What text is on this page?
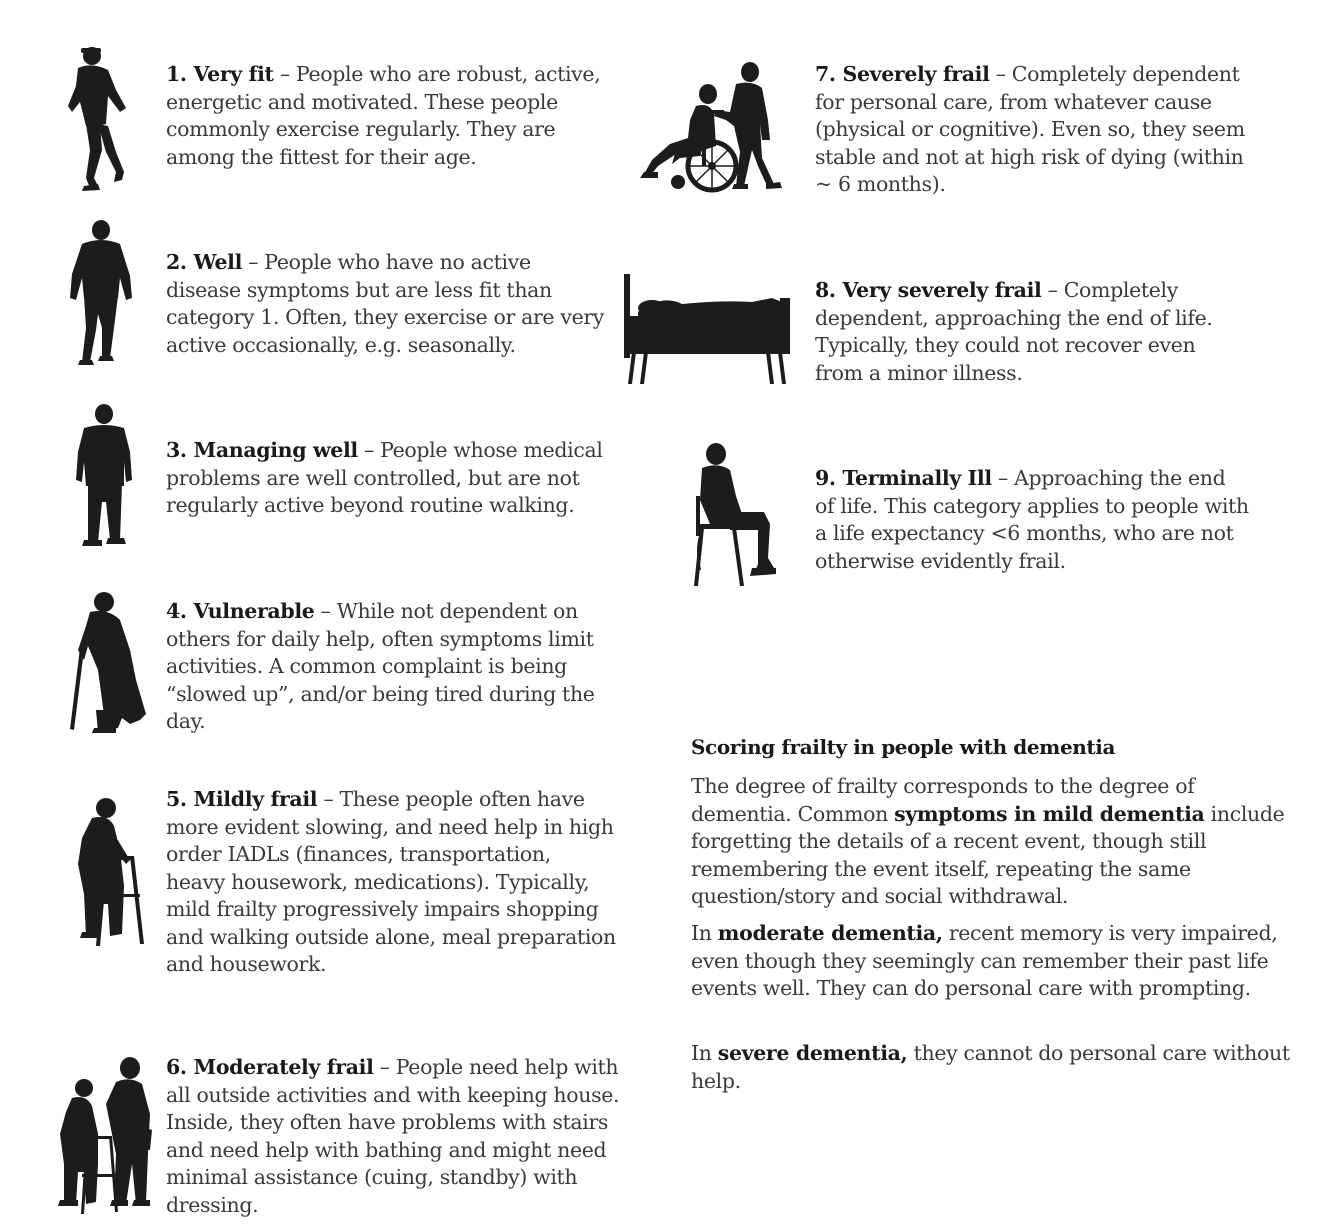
1. Very fit – People who are robust, active, energetic and motivated. These people commonly exercise regularly. They are among the fittest for their age.

2. Well – People who have no active disease symptoms but are less fit than category 1. Often, they exercise or are very active occasionally, e.g. seasonally.

3. Managing well – People whose medical problems are well controlled, but are not regularly active beyond routine walking.

4. Vulnerable – While not dependent on others for daily help, often symptoms limit activities. A common complaint is being “slowed up”, and/or being tired during the day.

5. Mildly frail – These people often have more evident slowing, and need help in high order IADLs (finances, transportation, heavy housework, medications). Typically, mild frailty progressively impairs shopping and walking outside alone, meal preparation and housework.

6. Moderately frail – People need help with all outside activities and with keeping house. Inside, they often have problems with stairs and need help with bathing and might need minimal assistance (cuing, standby) with dressing.

7. Severely frail – Completely dependent for personal care, from whatever cause (physical or cognitive). Even so, they seem stable and not at high risk of dying (within ~ 6 months).

8. Very severely frail – Completely dependent, approaching the end of life. Typically, they could not recover even from a minor illness.

9. Terminally Ill – Approaching the end of life. This category applies to people with a life expectancy <6 months, who are not otherwise evidently frail.

Scoring frailty in people with dementia

The degree of frailty corresponds to the degree of dementia. Common symptoms in mild dementia include forgetting the details of a recent event, though still remembering the event itself, repeating the same question/story and social withdrawal.

In moderate dementia, recent memory is very impaired, even though they seemingly can remember their past life events well. They can do personal care with prompting.

In severe dementia, they cannot do personal care without help.
